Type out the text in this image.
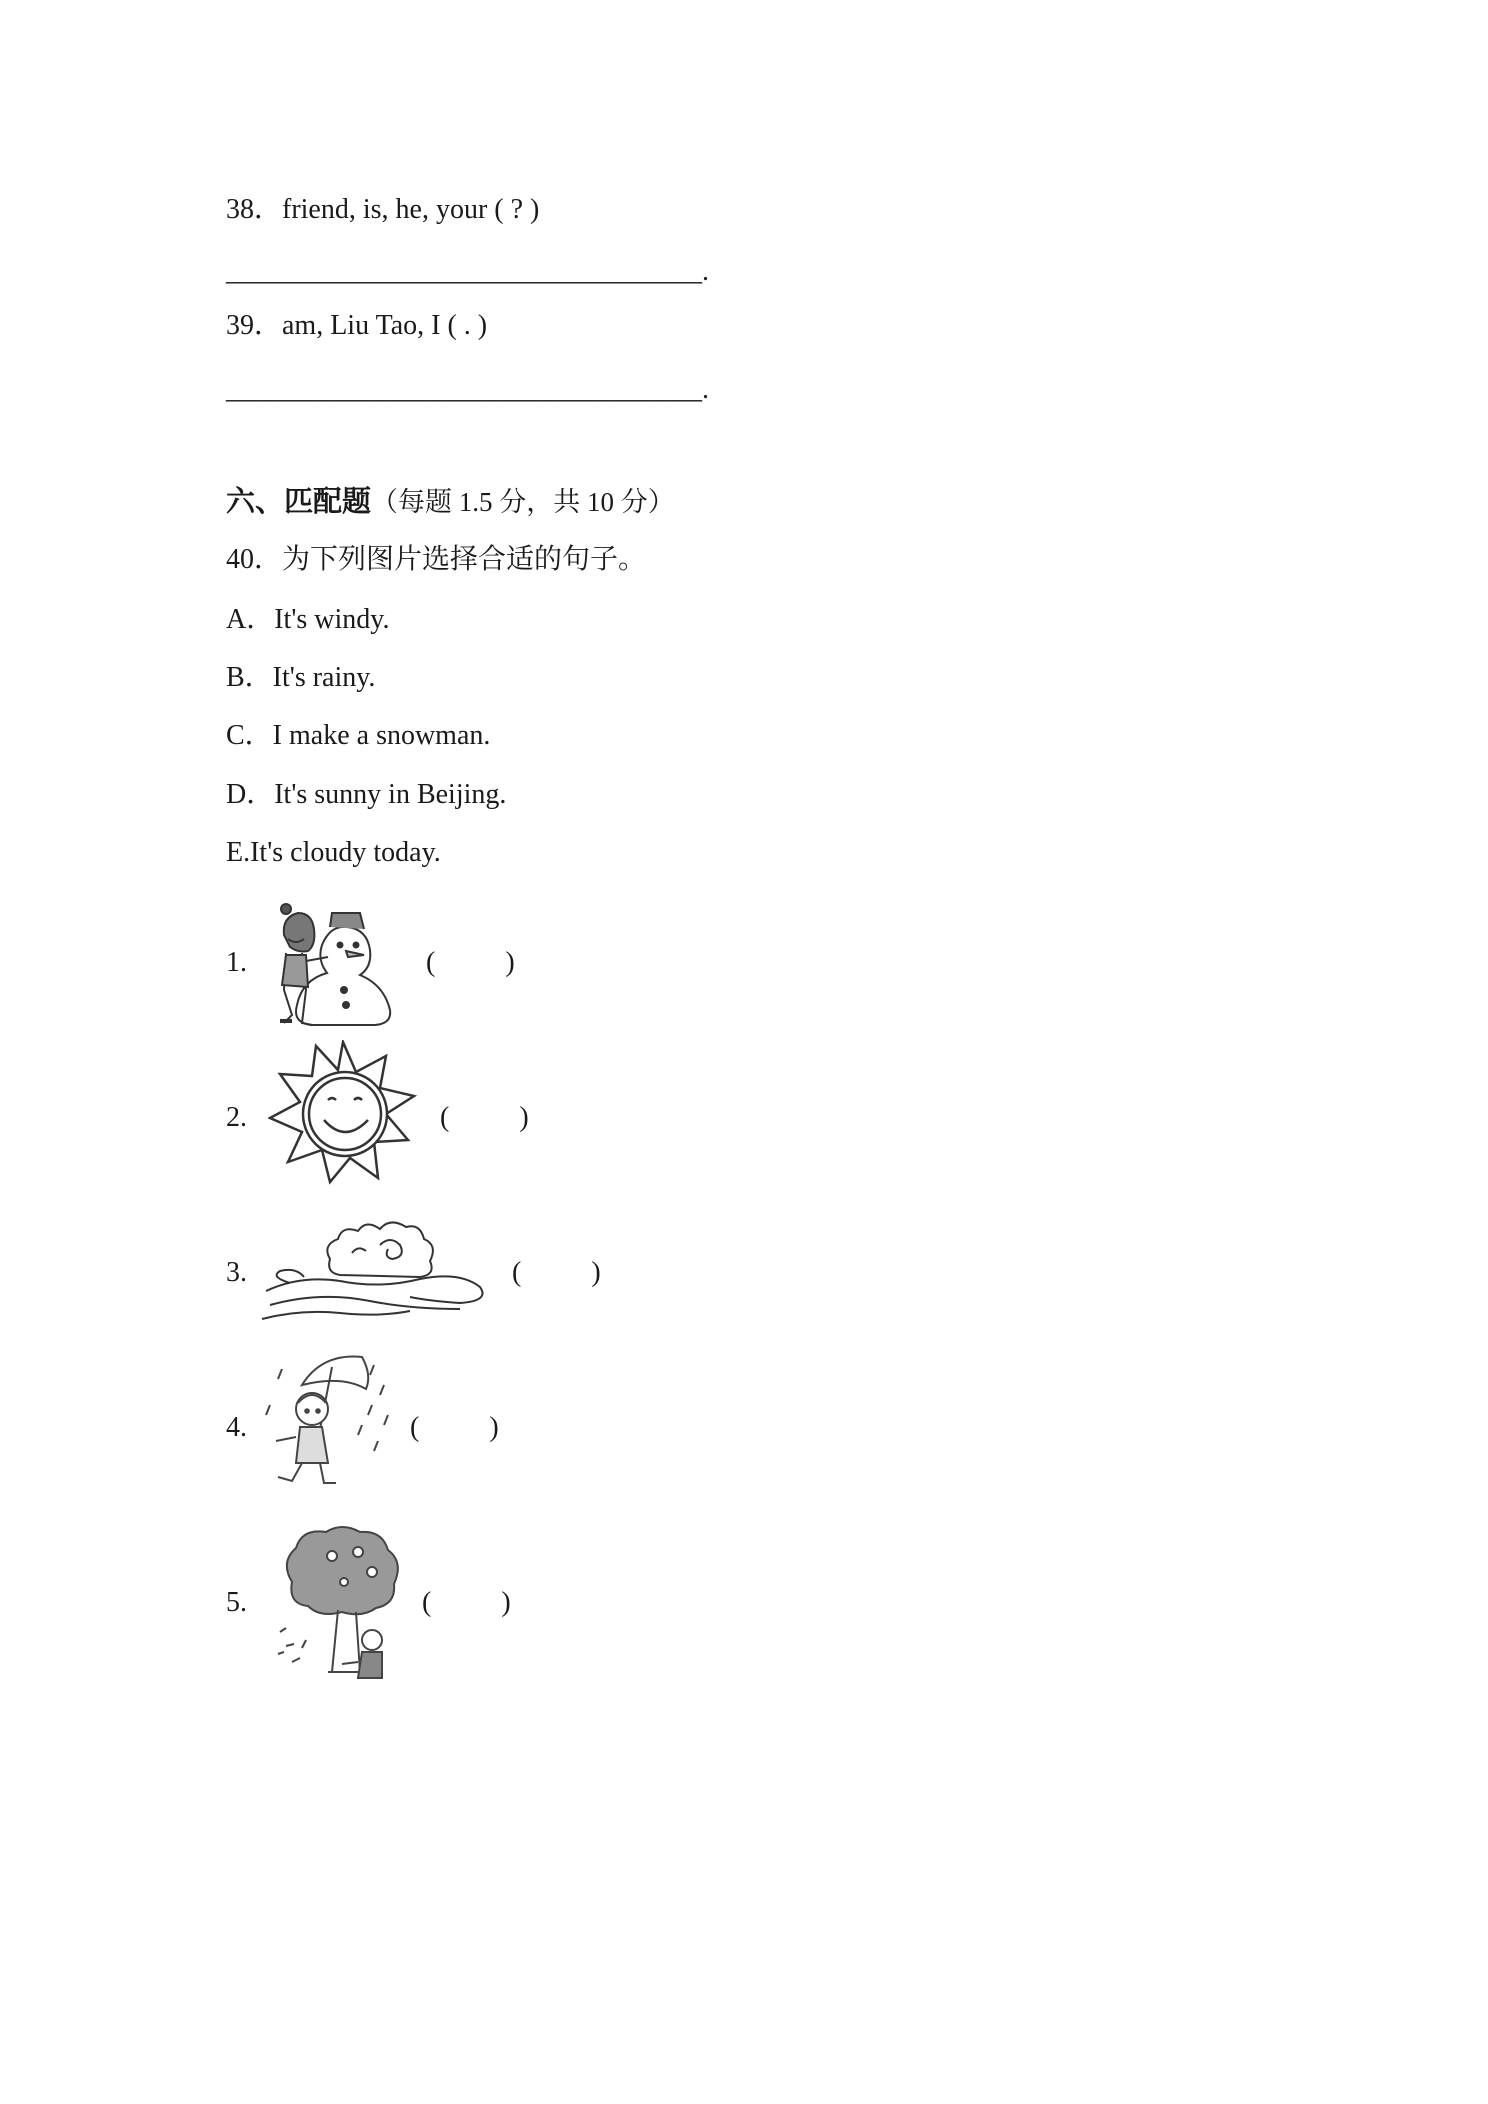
38．friend, is, he, your ( ? )
__________________________________.
39．am, Liu Tao, I ( . )
__________________________________.
六、匹配题（每题 1.5 分，共 10 分）
40．为下列图片选择合适的句子。
A．It's windy.
B．It's rainy.
C．I make a snowman.
D．It's sunny in Beijing.
E.It's cloudy today.
1.	(          )
2.	(          )
3.	(          )
4.	(          )
5.	(          )
